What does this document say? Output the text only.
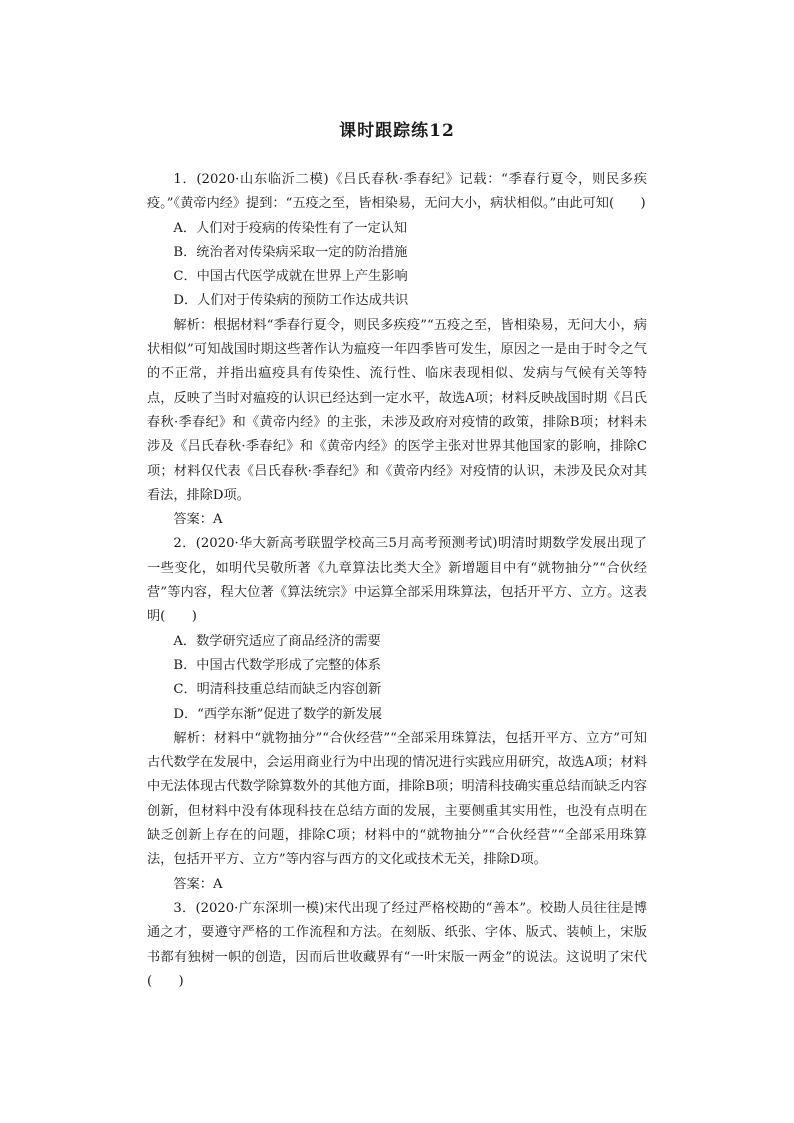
课时跟踪练12

1．(2020·山东临沂二模)《吕氏春秋·季春纪》记载：“季春行夏令，则民多疾疫。”《黄帝内经》提到：“五疫之至，皆相染易，无问大小，病状相似。”由此可知(　　)

A．人们对于疫病的传染性有了一定认知

B．统治者对传染病采取一定的防治措施

C．中国古代医学成就在世界上产生影响

D．人们对于传染病的预防工作达成共识

解析：根据材料“季春行夏令，则民多疾疫”“五疫之至，皆相染易，无问大小，病状相似”可知战国时期这些著作认为瘟疫一年四季皆可发生，原因之一是由于时令之气的不正常，并指出瘟疫具有传染性、流行性、临床表现相似、发病与气候有关等特点，反映了当时对瘟疫的认识已经达到一定水平，故选A项；材料反映战国时期《吕氏春秋·季春纪》和《黄帝内经》的主张，未涉及政府对疫情的政策，排除B项；材料未涉及《吕氏春秋·季春纪》和《黄帝内经》的医学主张对世界其他国家的影响，排除C项；材料仅代表《吕氏春秋·季春纪》和《黄帝内经》对疫情的认识，未涉及民众对其看法，排除D项。

答案：A

2．(2020·华大新高考联盟学校高三5月高考预测考试)明清时期数学发展出现了一些变化，如明代吴敬所著《九章算法比类大全》新增题目中有“就物抽分”“合伙经营”等内容，程大位著《算法统宗》中运算全部采用珠算法，包括开平方、立方。这表明(　　)

A．数学研究适应了商品经济的需要

B．中国古代数学形成了完整的体系

C．明清科技重总结而缺乏内容创新

D．“西学东渐”促进了数学的新发展

解析：材料中“就物抽分”“合伙经营”“全部采用珠算法，包括开平方、立方”可知古代数学在发展中，会运用商业行为中出现的情况进行实践应用研究，故选A项；材料中无法体现古代数学除算数外的其他方面，排除B项；明清科技确实重总结而缺乏内容创新，但材料中没有体现科技在总结方面的发展，主要侧重其实用性，也没有点明在缺乏创新上存在的问题，排除C项；材料中的“就物抽分”“合伙经营”“全部采用珠算法，包括开平方、立方”等内容与西方的文化或技术无关，排除D项。

答案：A

3．(2020·广东深圳一模)宋代出现了经过严格校勘的“善本”。校勘人员往往是博通之才，要遵守严格的工作流程和方法。在刻版、纸张、字体、版式、装帧上，宋版书都有独树一帜的创造，因而后世收藏界有“一叶宋版一两金”的说法。这说明了宋代(　　)
